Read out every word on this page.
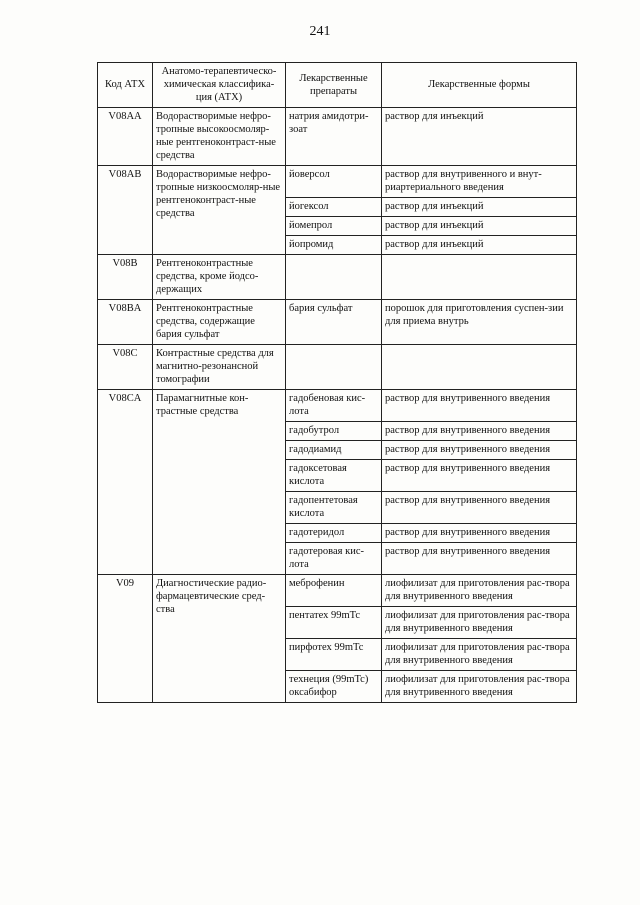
241
Код АТХ	Анатомо-терапевтическо-химическая классифика-ция (АТХ)	Лекарственные препараты	Лекарственные формы
V08AA	Водорастворимые нефро-тропные высокоосмоляр-ные рентгеноконтраст-ные средства	натрия амидотри-зоат	раствор для инъекций
V08AB	Водорастворимые нефро-тропные низкоосмоляр-ные рентгеноконтраст-ные средства	йоверсол	раствор для внутривенного и внут-риартериального введения
		йогексол	раствор для инъекций
		йомепрол	раствор для инъекций
		йопромид	раствор для инъекций
V08B	Рентгеноконтрастные средства, кроме йодсо-держащих		
V08BA	Рентгеноконтрастные средства, содержащие бария сульфат	бария сульфат	порошок для приготовления суспен-зии для приема внутрь
V08C	Контрастные средства для магнитно-резонансной томографии		
V08CA	Парамагнитные кон-трастные средства	гадобеновая кис-лота	раствор для внутривенного введения
		гадобутрол	раствор для внутривенного введения
		гадодиамид	раствор для внутривенного введения
		гадоксетовая кислота	раствор для внутривенного введения
		гадопентетовая кислота	раствор для внутривенного введения
		гадотеридол	раствор для внутривенного введения
		гадотеровая кис-лота	раствор для внутривенного введения
V09	Диагностические радио-фармацевтические сред-ства	меброфенин	лиофилизат для приготовления рас-твора для внутривенного введения
		пентатех 99mTc	лиофилизат для приготовления рас-твора для внутривенного введения
		пирфотех 99mTc	лиофилизат для приготовления рас-твора для внутривенного введения
		технеция (99mTc) оксабифор	лиофилизат для приготовления рас-твора для внутривенного введения
